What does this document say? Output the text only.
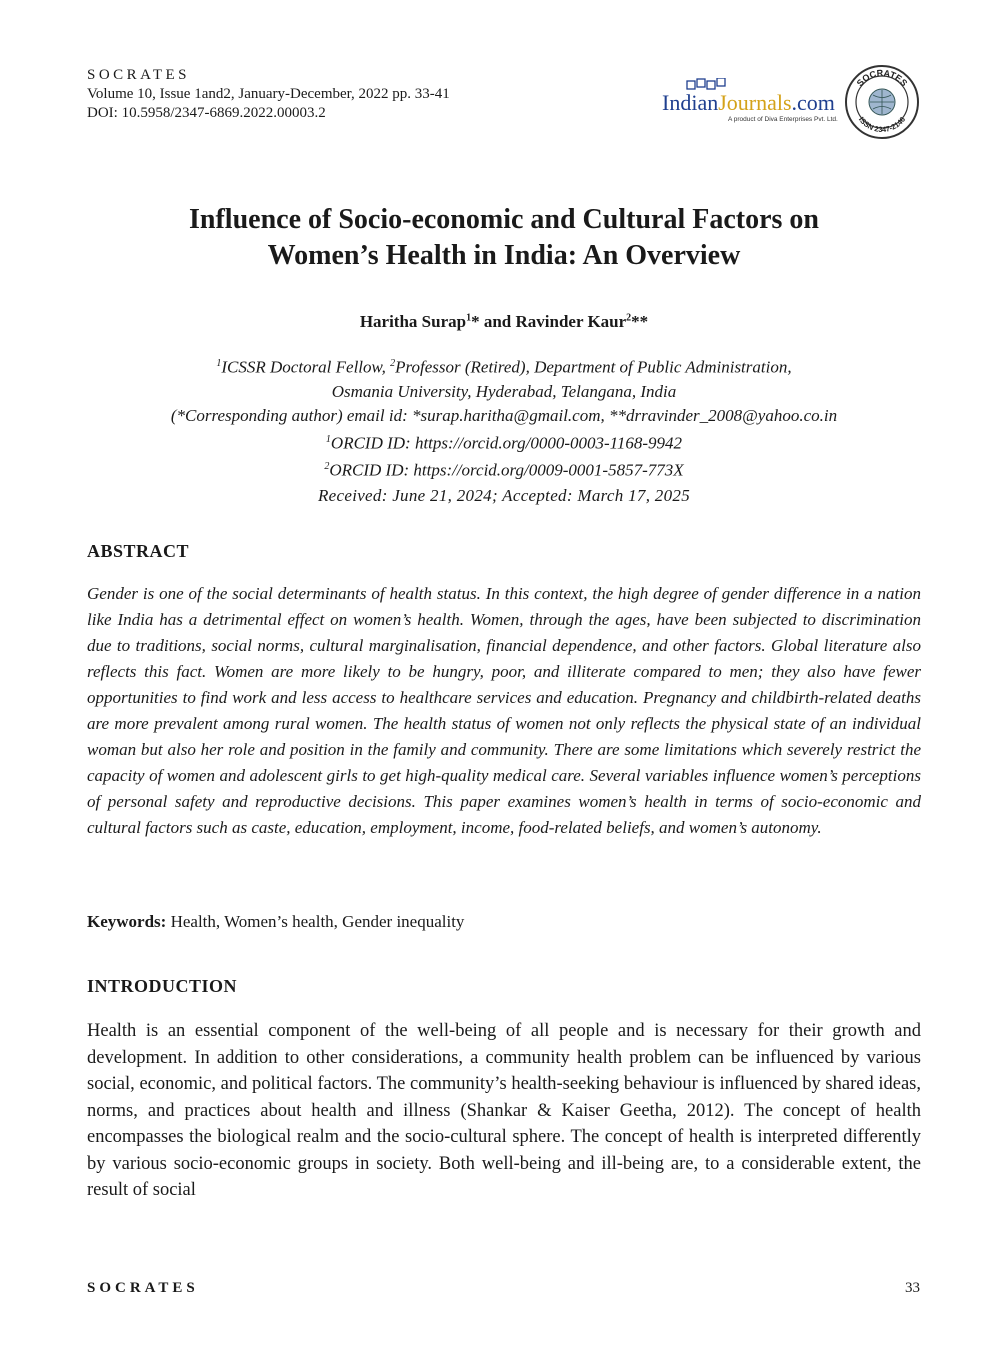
SOCRATES
Volume 10, Issue 1and2, January-December, 2022 pp. 33-41
DOI: 10.5958/2347-6869.2022.00003.2	IndianJournals.com
A product of Diva Enterprises Pvt. Ltd.
SOCRATES
ISSN 2347-2146
Influence of Socio-economic and Cultural Factors on
Women’s Health in India: An Overview
Haritha Surap$^1$* and Ravinder Kaur$^2$**
$^1$ICSSR Doctoral Fellow, $^2$Professor (Retired), Department of Public Administration,
Osmania University, Hyderabad, Telangana, India
(*Corresponding author) email id: *surap.haritha@gmail.com, **drravinder_2008@yahoo.co.in
$^1$ORCID ID: https://orcid.org/0000-0003-1168-9942
$^2$ORCID ID: https://orcid.org/0009-0001-5857-773X
Received: June 21, 2024; Accepted: March 17, 2025
ABSTRACT
Gender is one of the social determinants of health status. In this context, the high degree of gender difference in a nation like India has a detrimental effect on women’s health. Women, through the ages, have been subjected to discrimination due to traditions, social norms, cultural marginalisation, financial dependence, and other factors. Global literature also reflects this fact. Women are more likely to be hungry, poor, and illiterate compared to men; they also have fewer opportunities to find work and less access to healthcare services and education. Pregnancy and childbirth-related deaths are more prevalent among rural women. The health status of women not only reflects the physical state of an individual woman but also her role and position in the family and community. There are some limitations which severely restrict the capacity of women and adolescent girls to get high-quality medical care. Several variables influence women’s perceptions of personal safety and reproductive decisions. This paper examines women’s health in terms of socio-economic and cultural factors such as caste, education, employment, income, food-related beliefs, and women’s autonomy.
Keywords: Health, Women’s health, Gender inequality
INTRODUCTION
Health is an essential component of the well-being of all people and is necessary for their growth and development. In addition to other considerations, a community health problem can be influenced by various social, economic, and political factors. The community’s health-seeking behaviour is influenced by shared ideas, norms, and practices about health and illness (Shankar & Kaiser Geetha, 2012). The concept of health encompasses the biological realm and the socio-cultural sphere. The concept of health is interpreted differently by various socio-economic groups in society. Both well-being and ill-being are, to a considerable extent, the result of social
SOCRATES	33
